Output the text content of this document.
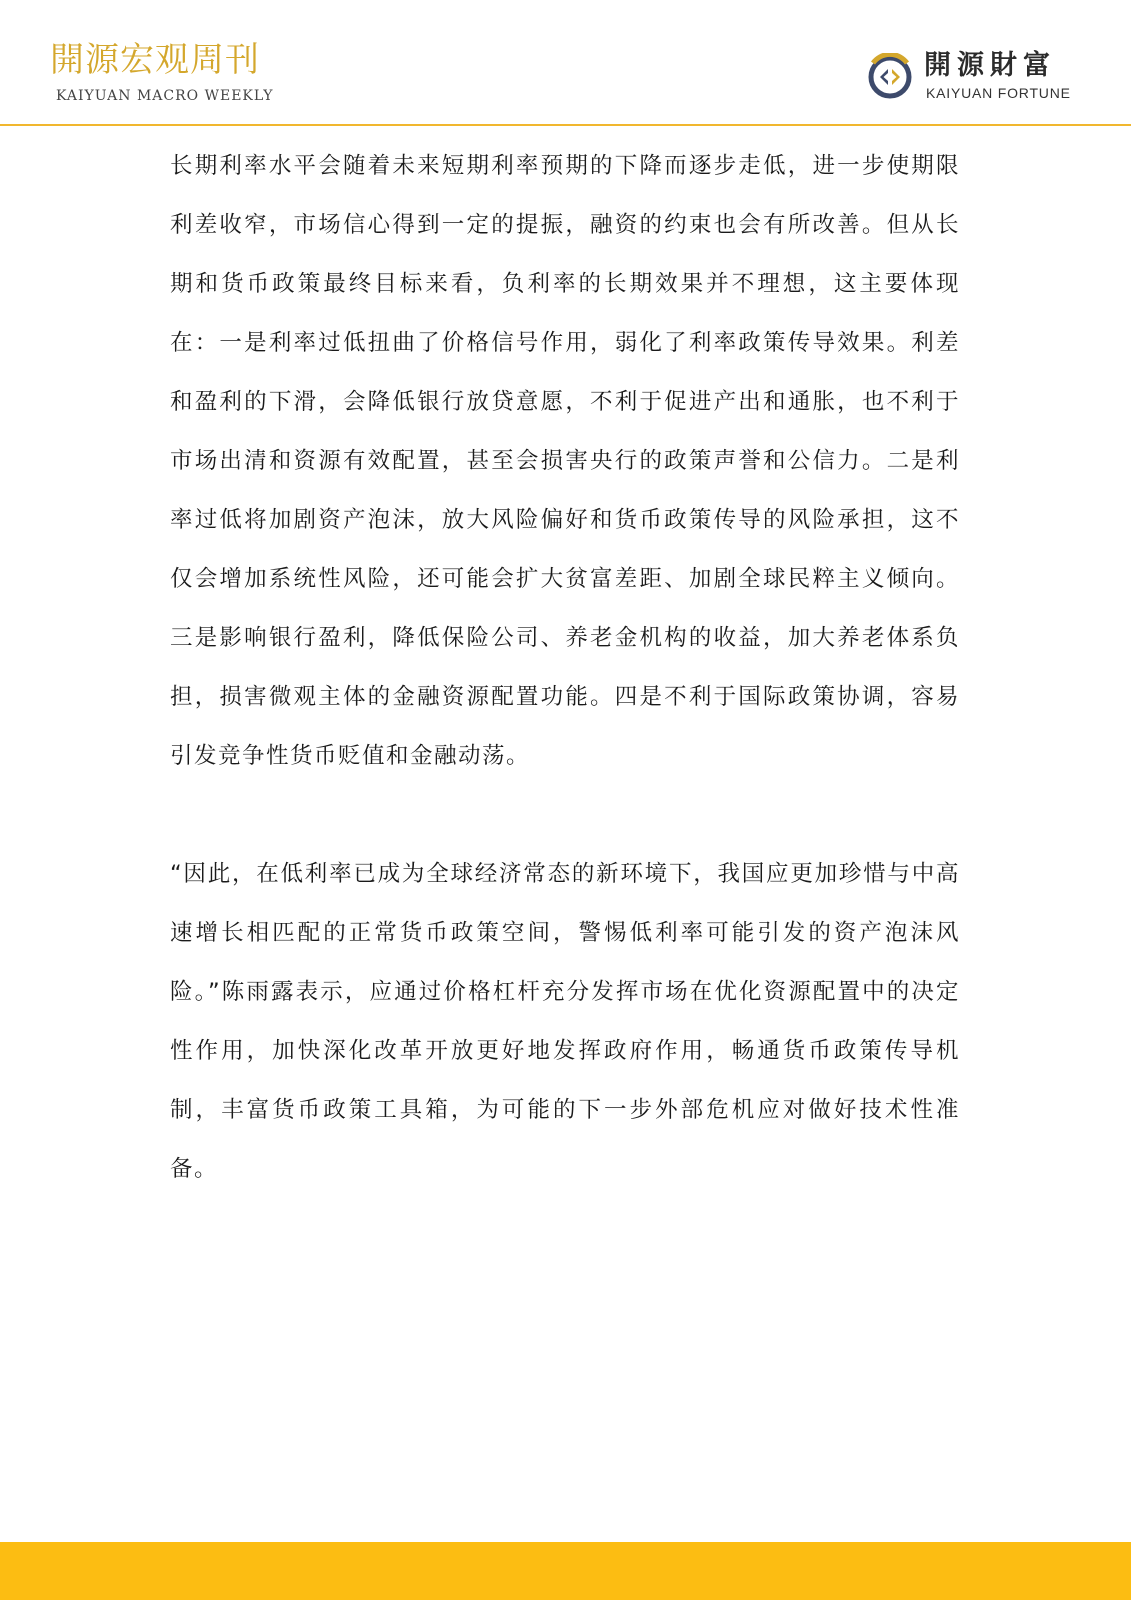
開源宏观周刊
KAIYUAN MACRO WEEKLY
開源財富
KAIYUAN FORTUNE

长期利率水平会随着未来短期利率预期的下降而逐步走低，进一步使期限利差收窄，市场信心得到一定的提振，融资的约束也会有所改善。但从长期和货币政策最终目标来看，负利率的长期效果并不理想，这主要体现在：一是利率过低扭曲了价格信号作用，弱化了利率政策传导效果。利差和盈利的下滑，会降低银行放贷意愿，不利于促进产出和通胀，也不利于市场出清和资源有效配置，甚至会损害央行的政策声誉和公信力。二是利率过低将加剧资产泡沫，放大风险偏好和货币政策传导的风险承担，这不仅会增加系统性风险，还可能会扩大贫富差距、加剧全球民粹主义倾向。三是影响银行盈利，降低保险公司、养老金机构的收益，加大养老体系负担，损害微观主体的金融资源配置功能。四是不利于国际政策协调，容易引发竞争性货币贬值和金融动荡。

“因此，在低利率已成为全球经济常态的新环境下，我国应更加珍惜与中高速增长相匹配的正常货币政策空间，警惕低利率可能引发的资产泡沫风险。”陈雨露表示，应通过价格杠杆充分发挥市场在优化资源配置中的决定性作用，加快深化改革开放更好地发挥政府作用，畅通货币政策传导机制，丰富货币政策工具箱，为可能的下一步外部危机应对做好技术性准备。
